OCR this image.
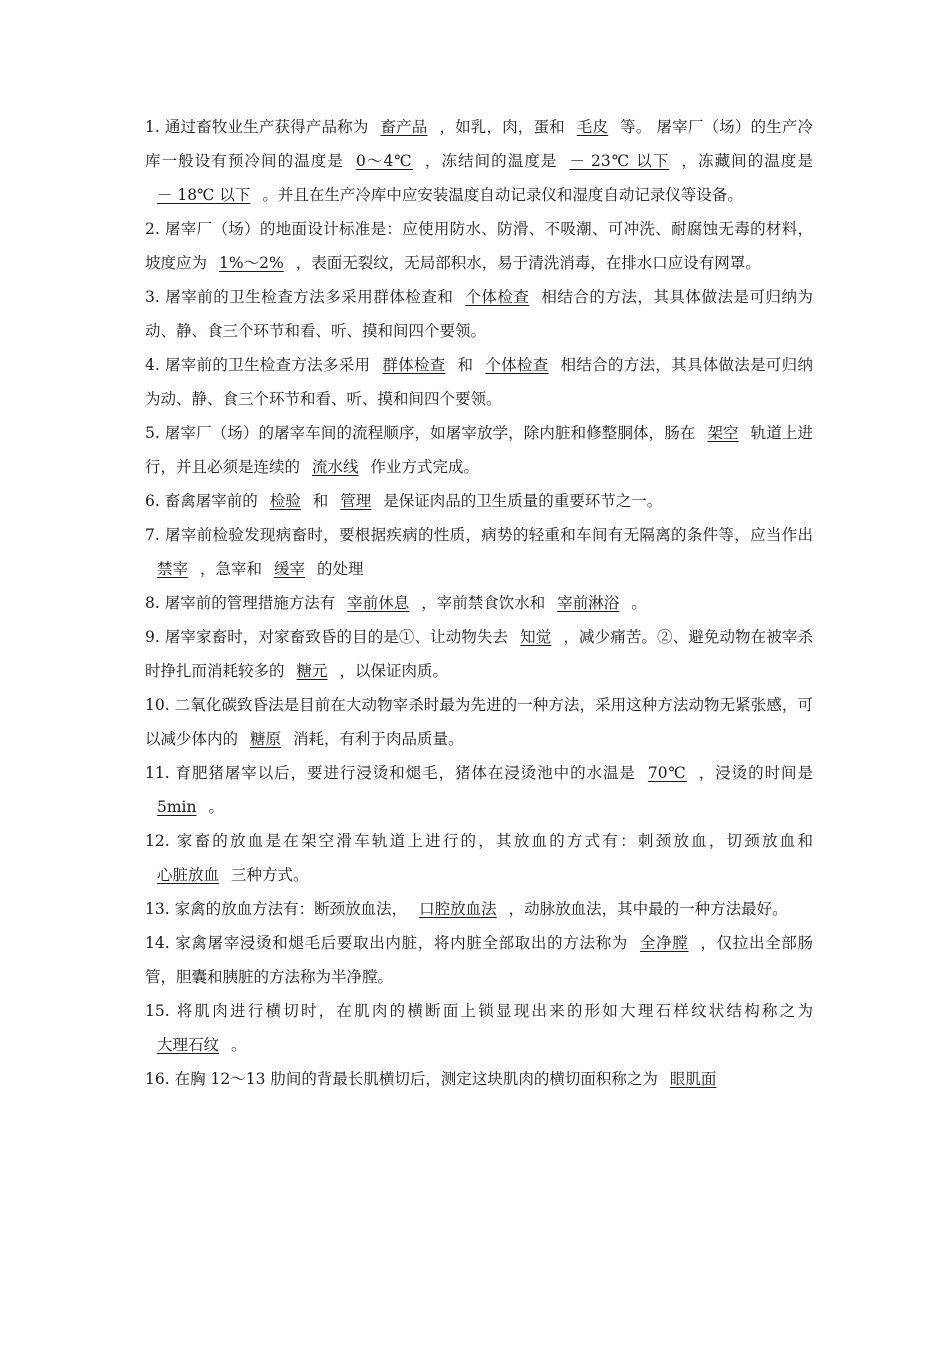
1. 通过畜牧业生产获得产品称为 畜产品 ，如乳，肉，蛋和 毛皮 等。 屠宰厂（场）的生产冷库一般设有预冷间的温度是 0～4℃ ，冻结间的温度是 － 23℃ 以下 ，冻藏间的温度是－ 18℃ 以下 。并且在生产冷库中应安装温度自动记录仪和湿度自动记录仪等设备。

2. 屠宰厂（场）的地面设计标准是：应使用防水、防滑、不吸潮、可冲洗、耐腐蚀无毒的材料，坡度应为 1%～2% ，表面无裂纹，无局部积水，易于清洗消毒，在排水口应设有网罩。

3. 屠宰前的卫生检查方法多采用群体检查和 个体检查 相结合的方法，其具体做法是可归纳为动、静、食三个环节和看、听、摸和间四个要领。

4. 屠宰前的卫生检查方法多采用 群体检查 和 个体检查 相结合的方法，其具体做法是可归纳为动、静、食三个环节和看、听、摸和间四个要领。

5. 屠宰厂（场）的屠宰车间的流程顺序，如屠宰放学，除内脏和修整胴体，肠在 架空 轨道上进行，并且必须是连续的 流水线 作业方式完成。

6. 畜禽屠宰前的 检验 和 管理 是保证肉品的卫生质量的重要环节之一。

7. 屠宰前检验发现病畜时，要根据疾病的性质，病势的轻重和车间有无隔离的条件等，应当作出禁宰 ，急宰和 缓宰 的处理

8. 屠宰前的管理措施方法有 宰前休息 ，宰前禁食饮水和 宰前淋浴 。

9. 屠宰家畜时，对家畜致昏的目的是①、让动物失去 知觉 ，减少痛苦。②、避免动物在被宰杀时挣扎而消耗较多的 糖元 ，以保证肉质。

10. 二氧化碳致昏法是目前在大动物宰杀时最为先进的一种方法，采用这种方法动物无紧张感，可以减少体内的 糖原 消耗，有利于肉品质量。

11. 育肥猪屠宰以后，要进行浸烫和煺毛，猪体在浸烫池中的水温是 70℃ ，浸烫的时间是5min 。

12. 家畜的放血是在架空滑车轨道上进行的，其放血的方式有：刺颈放血，切颈放血和心脏放血 三种方式。

13. 家禽的放血方法有：断颈放血法， 口腔放血法 ，动脉放血法，其中最的一种方法最好。

14. 家禽屠宰浸烫和煺毛后要取出内脏，将内脏全部取出的方法称为 全净膛 ，仅拉出全部肠管，胆囊和胰脏的方法称为半净膛。

15. 将肌肉进行横切时，在肌肉的横断面上锁显现出来的形如大理石样纹状结构称之为大理石纹 。

16. 在胸 12～13 肋间的背最长肌横切后，测定这块肌肉的横切面积称之为 眼肌面
